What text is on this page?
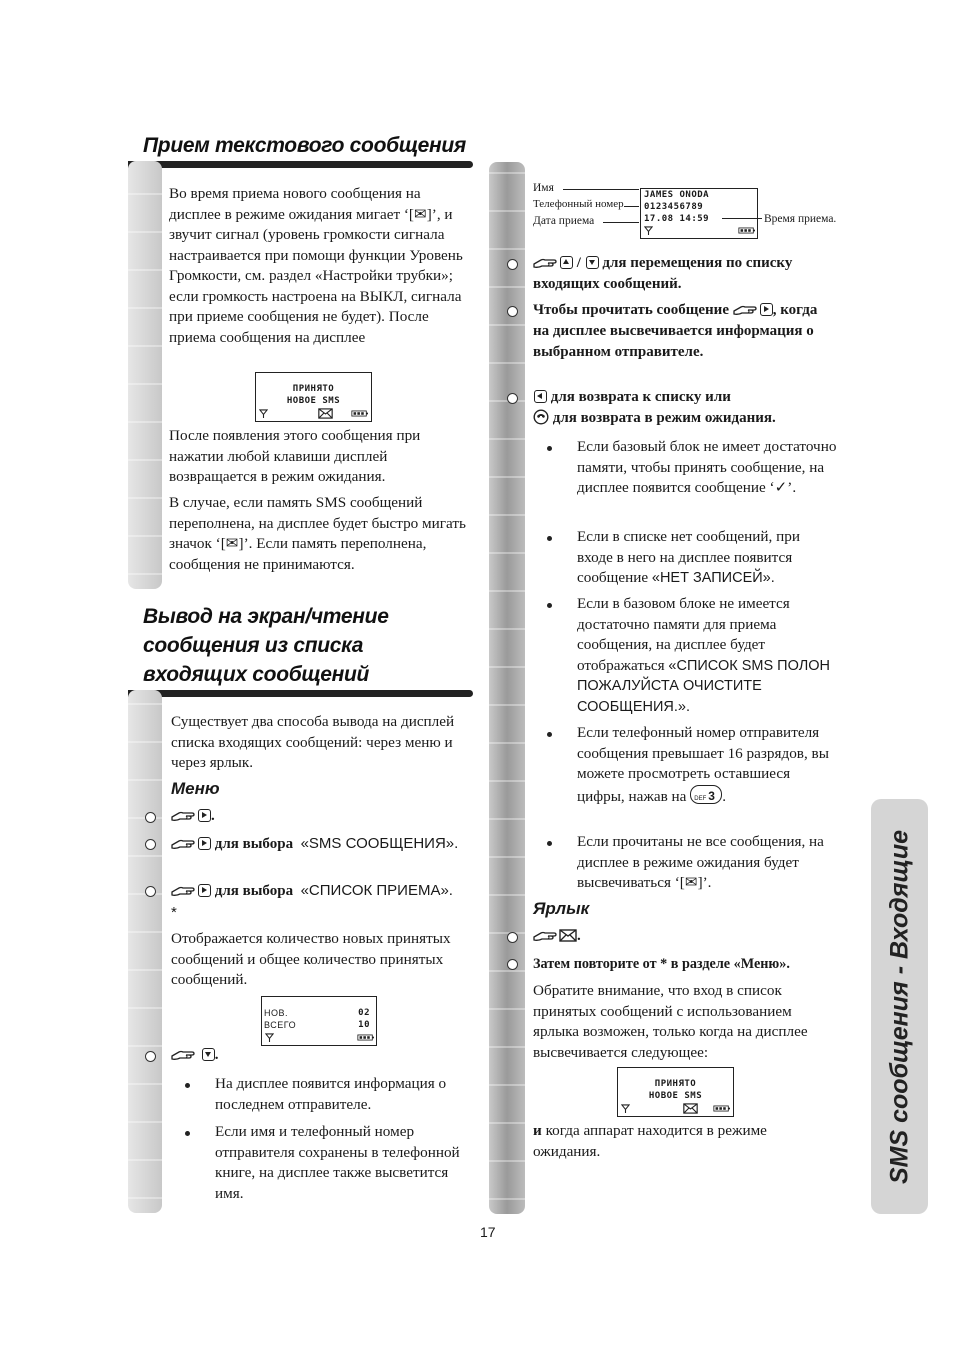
Прием текстового сообщения

Во время приема нового сообщения на дисплее в режиме ожидания мигает ‘[✉]’, и звучит сигнал (уровень громкости сигнала настраивается при помощи функции Уровень Громкости, см. раздел «Настройки трубки»; если громкость настроена на ВЫКЛ, сигнала при приеме сообщения не будет). После приема сообщения на дисплее

ПРИНЯТО
НОВОЕ SMS

После появления этого сообщения при нажатии любой клавиши дисплей возвращается в режим ожидания.

В случае, если память SMS сообщений переполнена, на дисплее будет быстро мигать значок ‘[✉]’. Если память переполнена, сообщения не принимаются.

Вывод на экран/чтение
сообщения из списка
входящих сообщений

Существует два способа вывода на дисплей списка входящих сообщений: через меню и через ярлык.

Меню
.
для выбора «SMS СООБЩЕНИЯ».
для выбора «СПИСОК ПРИЕМА». *

Отображается количество новых принятых сообщений и общее количество принятых сообщений.

НОВ.	02
ВСЕГО	10

.

На дисплее появится информация о последнем отправителе.

Если имя и телефонный номер отправителя сохранены в телефонной книге, на дисплее также высветится имя.

Имя
Телефонный номер
Дата приема
JAMES ONODA
0123456789
17.08 14:59	Время приема.
/
для перемещения по списку входящих сообщений.
Чтобы прочитать сообщение	, когда на дисплее высвечивается информация о выбранном отправителе.
для возврата к списку или
для возврата в режим ожидания.

Если базовый блок не имеет достаточно памяти, чтобы принять сообщение, на дисплее появится сообщение ‘✓’.

Если в списке нет сообщений, при входе в него на дисплее появится сообщение «НЕТ ЗАПИСЕЙ».

Если в базовом блоке не имеется достаточно памяти для приема сообщения, на дисплее будет отображаться «СПИСОК SMS ПОЛОН ПОЖАЛУЙСТА ОЧИСТИТЕ СООБЩЕНИЯ.».

Если телефонный номер отправителя сообщения превышает 16 разрядов, вы можете просмотреть оставшиеся цифры, нажав на DEF 3 .

Если прочитаны не все сообщения, на дисплее в режиме ожидания будет высвечиваться ‘[✉]’.

Ярлык
.
Затем повторите от * в разделе «Меню».

Обратите внимание, что вход в список принятых сообщений с использованием ярлыка возможен, только когда на дисплее высвечивается следующее:

ПРИНЯТО
НОВОЕ SMS

и когда аппарат находится в режиме ожидания.	SMS сообщения - Входящие
17
